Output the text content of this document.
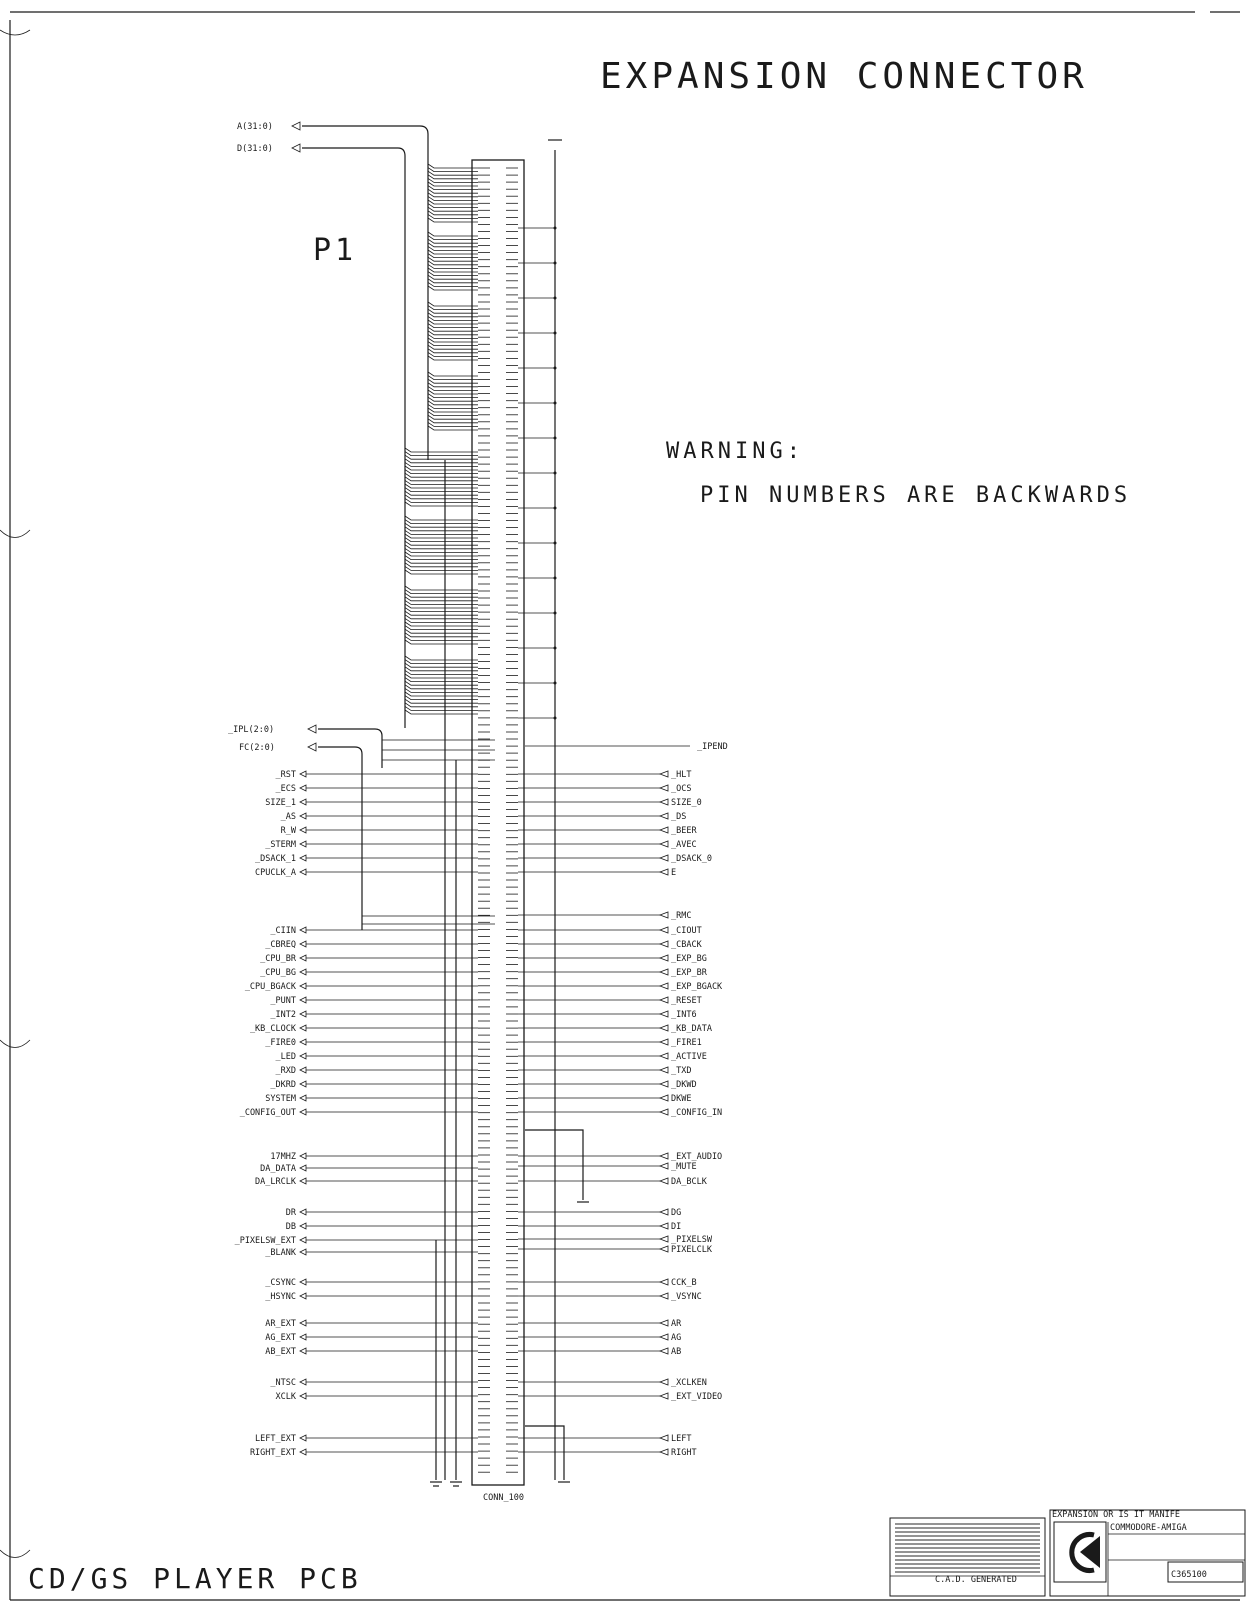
EXPANSION CONNECTOR
P1
WARNING:
PIN NUMBERS ARE BACKWARDS
CD/GS PLAYER PCB
A(31:0)
D(31:0)
_IPL(2:0)
FC(2:0)
CONN_100
_IPEND
_RST
_ECS
SIZE_1
_AS
R_W
_STERM
_DSACK_1
CPUCLK_A
_CIIN
_CBREQ
_CPU_BR
_CPU_BG
_CPU_BGACK
_PUNT
_INT2
_KB_CLOCK
_FIRE0
_LED
_RXD
_DKRD
SYSTEM
_CONFIG_OUT
17MHZ
DA_DATA
DA_LRCLK
DR
DB
_PIXELSW_EXT
_BLANK
_CSYNC
_HSYNC
AR_EXT
AG_EXT
AB_EXT
_NTSC
XCLK
LEFT_EXT
RIGHT_EXT
_HLT
_OCS
SIZE_0
_DS
_BEER
_AVEC
_DSACK_0
E
_RMC
_CIOUT
_CBACK
_EXP_BG
_EXP_BR
_EXP_BGACK
_RESET
_INT6
_KB_DATA
_FIRE1
_ACTIVE
_TXD
_DKWD
DKWE
_CONFIG_IN
_EXT_AUDIO
_MUTE
DA_BCLK
DG
DI
_PIXELSW
PIXELCLK
CCK_B
_VSYNC
AR
AG
AB
_XCLKEN
_EXT_VIDEO
LEFT
RIGHT
C.A.D. GENERATED
EXPANSION OR IS IT MANIFE
COMMODORE-AMIGA
C365100
